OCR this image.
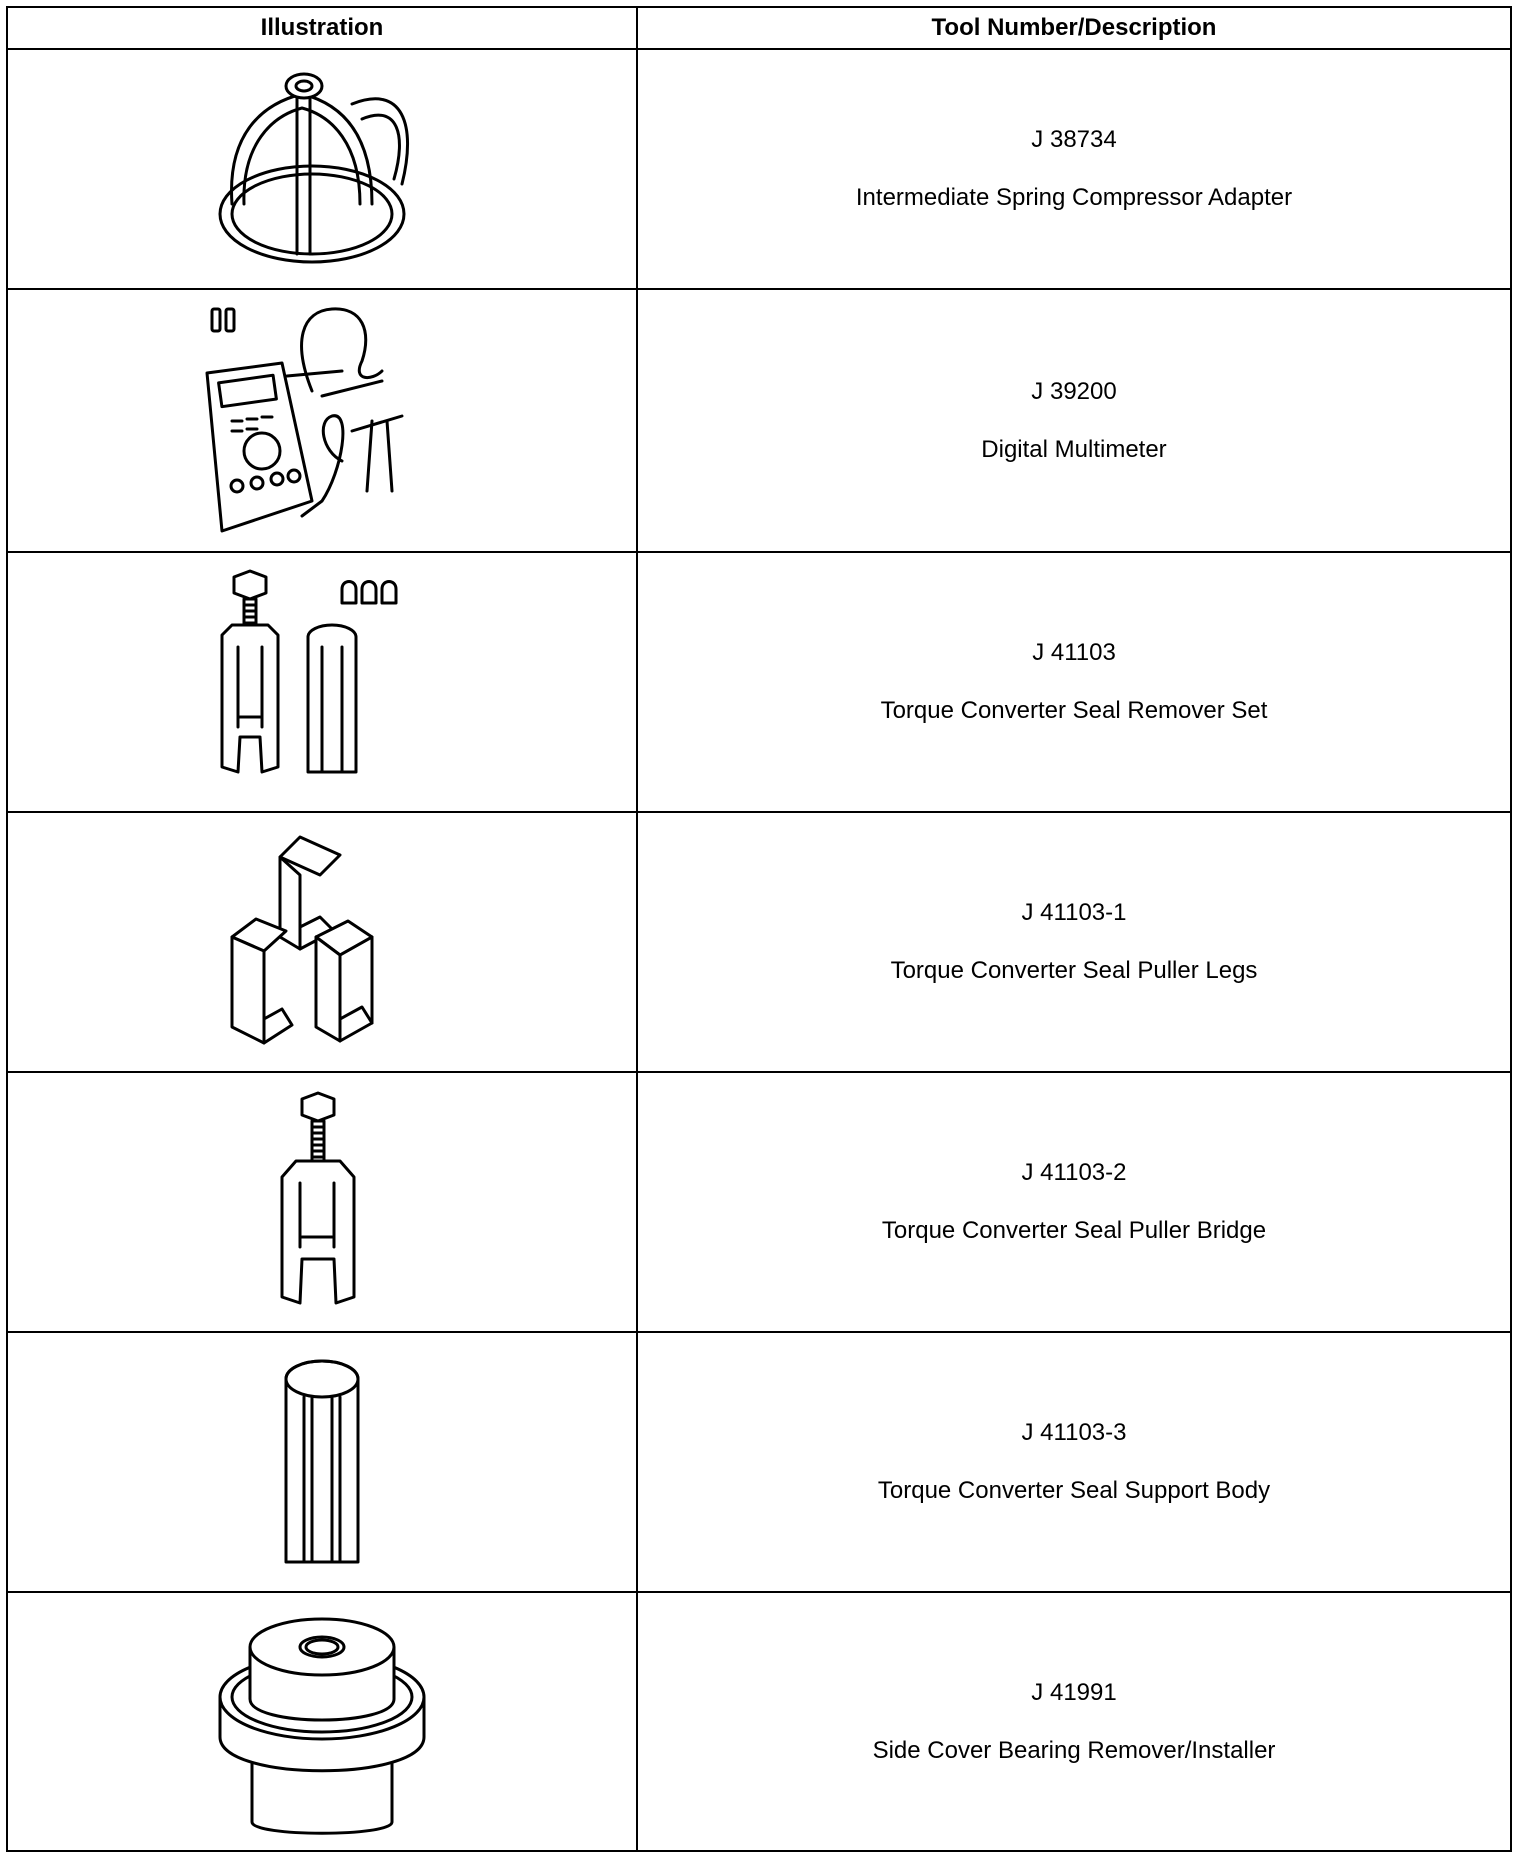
Illustration	Tool Number/Description

J 38734
Intermediate Spring Compressor Adapter

J 39200
Digital Multimeter

J 41103
Torque Converter Seal Remover Set

J 41103-1
Torque Converter Seal Puller Legs

J 41103-2
Torque Converter Seal Puller Bridge

J 41103-3
Torque Converter Seal Support Body

J 41991
Side Cover Bearing Remover/Installer
